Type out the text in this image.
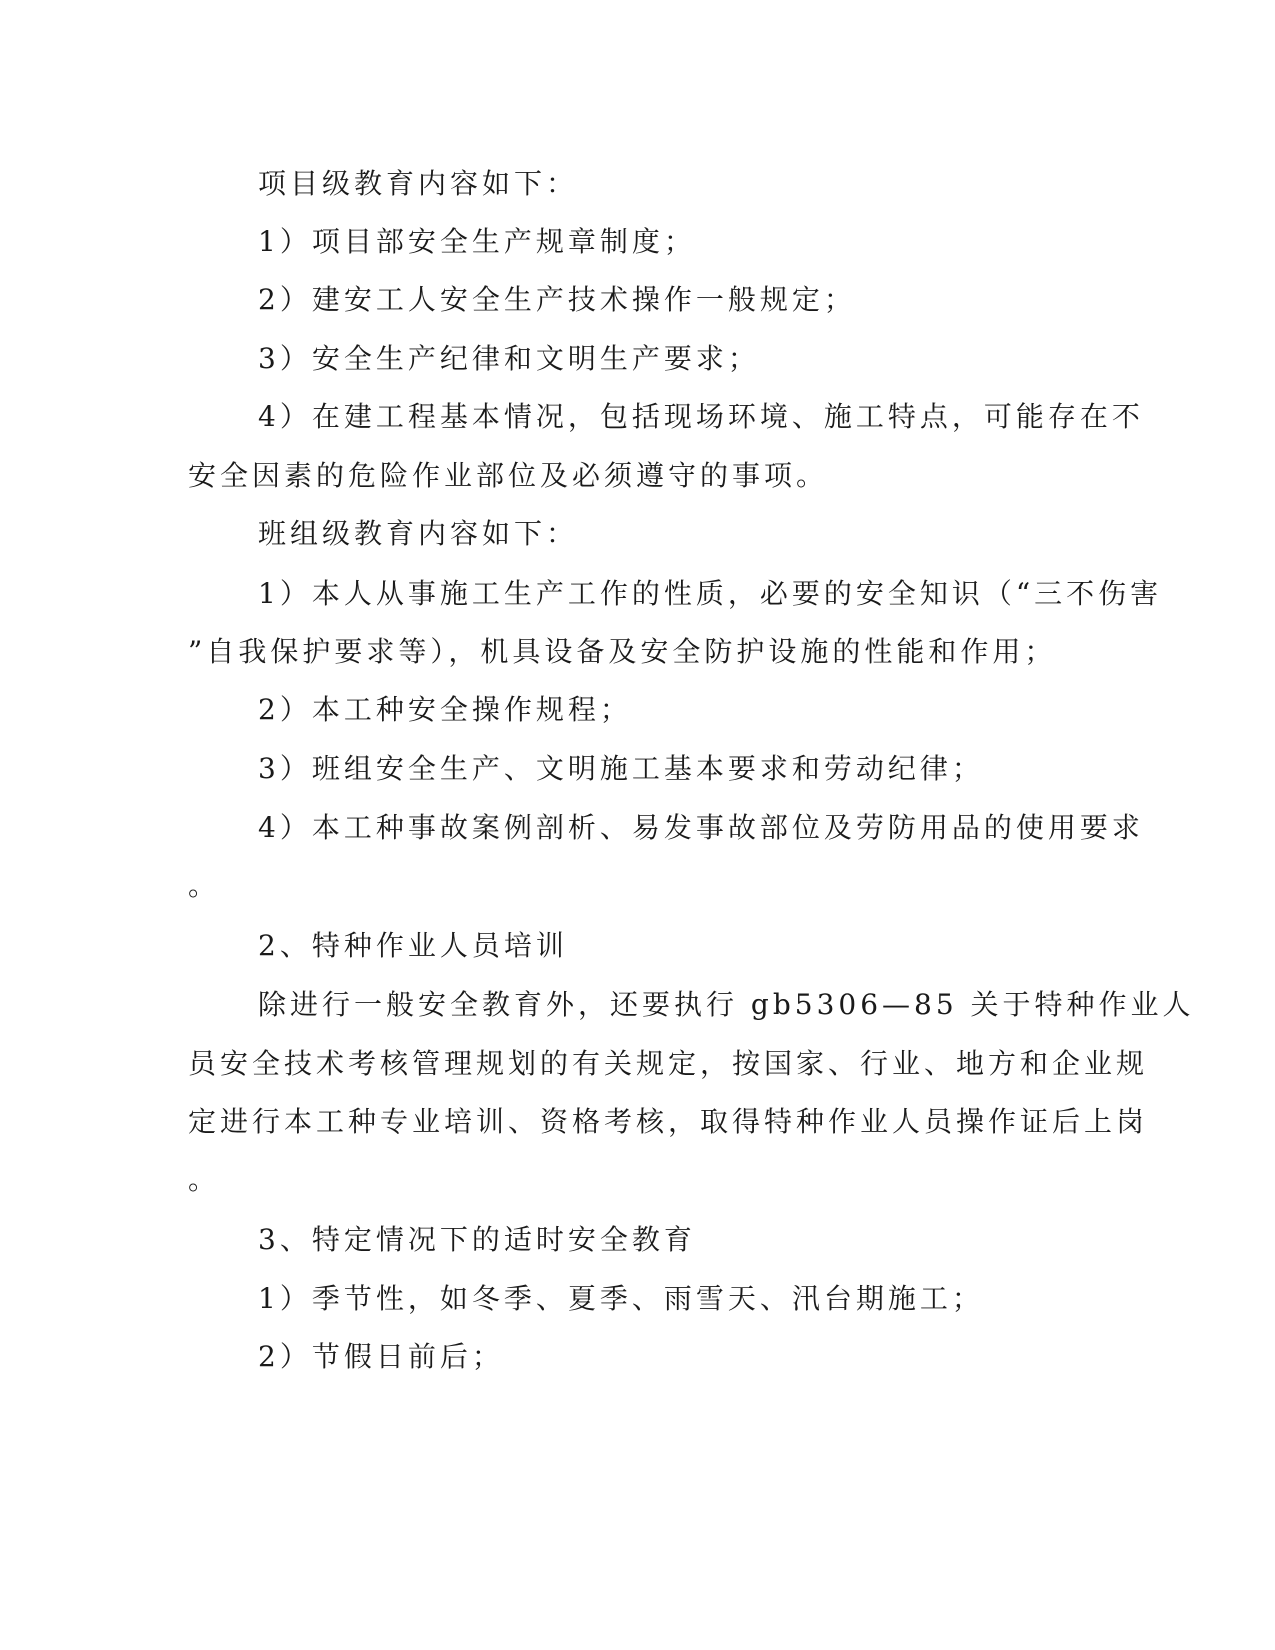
项目级教育内容如下：
1）项目部安全生产规章制度；
2）建安工人安全生产技术操作一般规定；
3）安全生产纪律和文明生产要求；
4）在建工程基本情况，包括现场环境、施工特点，可能存在不
安全因素的危险作业部位及必须遵守的事项。
班组级教育内容如下：
1）本人从事施工生产工作的性质，必要的安全知识（“三不伤害
”自我保护要求等），机具设备及安全防护设施的性能和作用；
2）本工种安全操作规程；
3）班组安全生产、文明施工基本要求和劳动纪律；
4）本工种事故案例剖析、易发事故部位及劳防用品的使用要求
。
2、特种作业人员培训
除进行一般安全教育外，还要执行 gb5306—85 关于特种作业人
员安全技术考核管理规划的有关规定，按国家、行业、地方和企业规
定进行本工种专业培训、资格考核，取得特种作业人员操作证后上岗
。
3、特定情况下的适时安全教育
1）季节性，如冬季、夏季、雨雪天、汛台期施工；
2）节假日前后；
